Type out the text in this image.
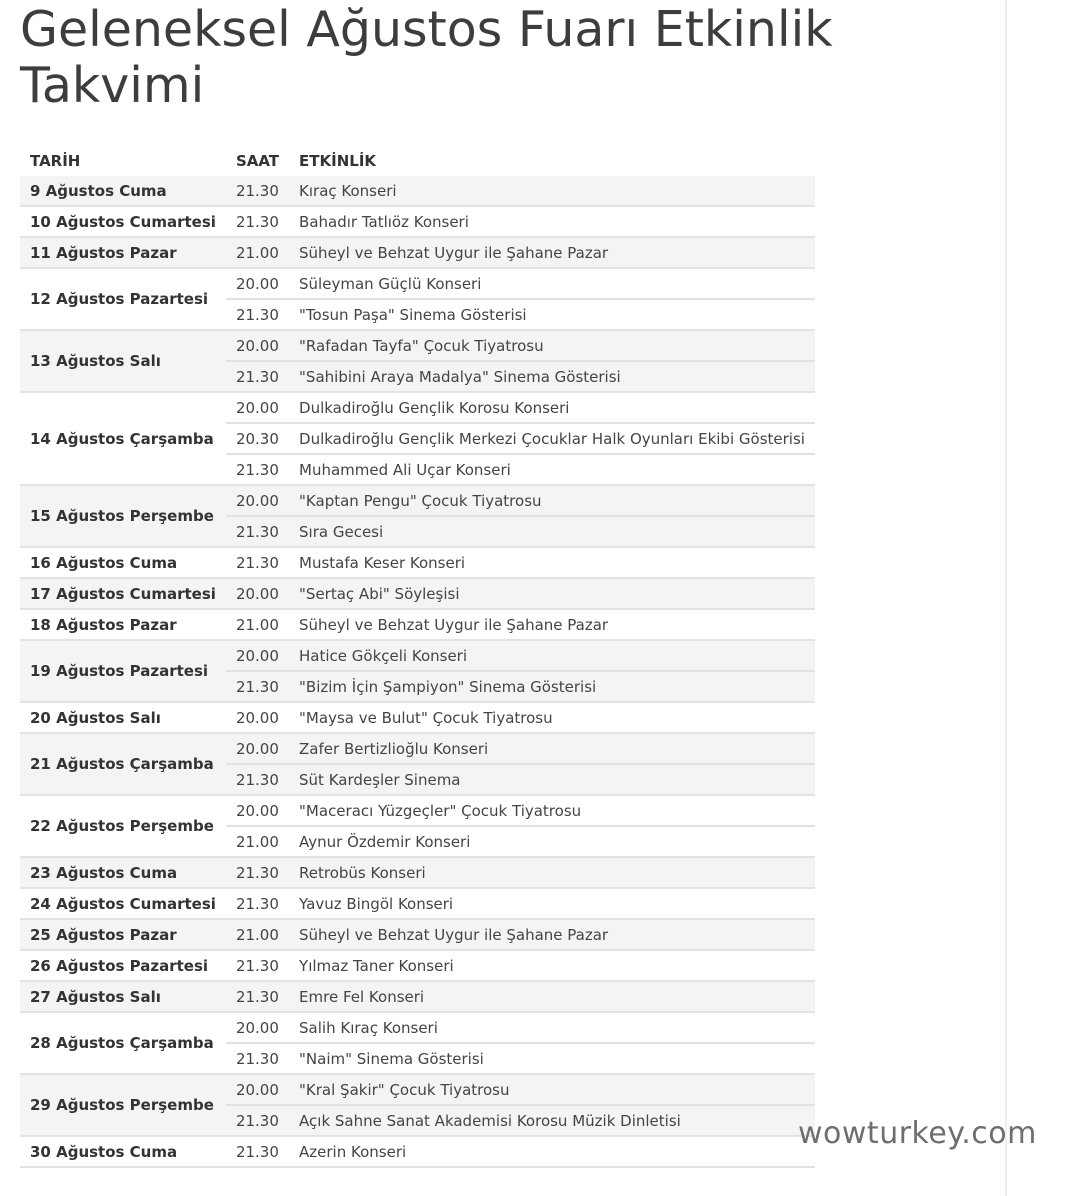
Geleneksel Ağustos Fuarı Etkinlik Takvimi
TARİH	SAAT	ETKİNLİK
9 Ağustos Cuma	21.30	Kıraç Konseri
10 Ağustos Cumartesi	21.30	Bahadır Tatlıöz Konseri
11 Ağustos Pazar	21.00	Süheyl ve Behzat Uygur ile Şahane Pazar
12 Ağustos Pazartesi	20.00	Süleyman Güçlü Konseri
	21.30	"Tosun Paşa" Sinema Gösterisi
13 Ağustos Salı	20.00	"Rafadan Tayfa" Çocuk Tiyatrosu
	21.30	"Sahibini Araya Madalya" Sinema Gösterisi
14 Ağustos Çarşamba	20.00	Dulkadiroğlu Gençlik Korosu Konseri
	20.30	Dulkadiroğlu Gençlik Merkezi Çocuklar Halk Oyunları Ekibi Gösterisi
	21.30	Muhammed Ali Uçar Konseri
15 Ağustos Perşembe	20.00	"Kaptan Pengu" Çocuk Tiyatrosu
	21.30	Sıra Gecesi
16 Ağustos Cuma	21.30	Mustafa Keser Konseri
17 Ağustos Cumartesi	20.00	"Sertaç Abi" Söyleşisi
18 Ağustos Pazar	21.00	Süheyl ve Behzat Uygur ile Şahane Pazar
19 Ağustos Pazartesi	20.00	Hatice Gökçeli Konseri
	21.30	"Bizim İçin Şampiyon" Sinema Gösterisi
20 Ağustos Salı	20.00	"Maysa ve Bulut" Çocuk Tiyatrosu
21 Ağustos Çarşamba	20.00	Zafer Bertizlioğlu Konseri
	21.30	Süt Kardeşler Sinema
22 Ağustos Perşembe	20.00	"Maceracı Yüzgeçler" Çocuk Tiyatrosu
	21.00	Aynur Özdemir Konseri
23 Ağustos Cuma	21.30	Retrobüs Konseri
24 Ağustos Cumartesi	21.30	Yavuz Bingöl Konseri
25 Ağustos Pazar	21.00	Süheyl ve Behzat Uygur ile Şahane Pazar
26 Ağustos Pazartesi	21.30	Yılmaz Taner Konseri
27 Ağustos Salı	21.30	Emre Fel Konseri
28 Ağustos Çarşamba	20.00	Salih Kıraç Konseri
	21.30	"Naim" Sinema Gösterisi
29 Ağustos Perşembe	20.00	"Kral Şakir" Çocuk Tiyatrosu
	21.30	Açık Sahne Sanat Akademisi Korosu Müzik Dinletisi
30 Ağustos Cuma	21.30	Azerin Konseri
wowturkey.com
